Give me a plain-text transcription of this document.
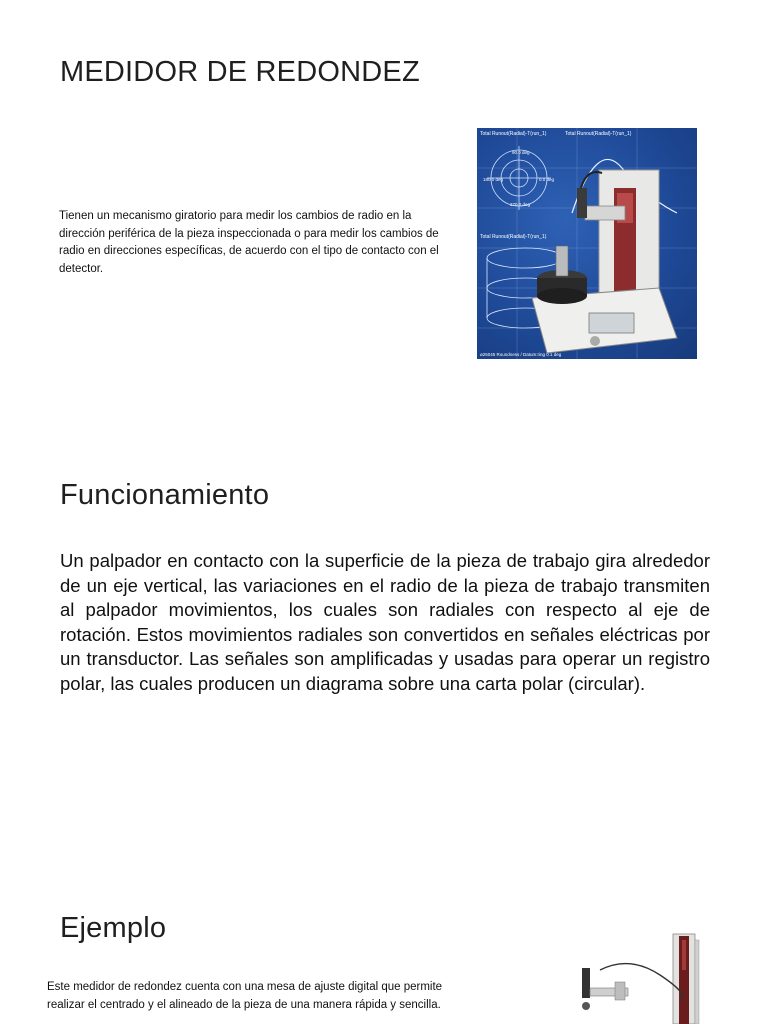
MEDIDOR DE REDONDEZ

Tienen un mecanismo giratorio para medir los cambios de radio en la dirección periférica de la pieza inspeccionada o para medir los cambios de radio en direcciones específicas, de acuerdo con el tipo de contacto con el detector.

Total Runout(Radial)-T(run_1)	Total Runout(Radial)-T(run_1)
90.0 deg
180.0 deg	0.0 deg
270.0 deg
Total Runout(Radial)-T(run_1)
ø25045 Roundness / Datum:ring 0.1 deg
Funcionamiento

Un palpador en contacto con la superficie de la pieza de trabajo gira alrededor de un eje vertical, las variaciones en el radio de la pieza de trabajo transmiten al palpador movimientos, los cuales son radiales con respecto al eje de rotación. Estos movimientos radiales son convertidos en señales eléctricas por un transductor. Las señales son amplificadas y usadas para operar un registro polar, las cuales producen un diagrama sobre una carta polar (circular).

Ejemplo

Este medidor de redondez cuenta con una mesa de ajuste digital que permite realizar el centrado y el alineado de la pieza de una manera rápida y sencilla.
